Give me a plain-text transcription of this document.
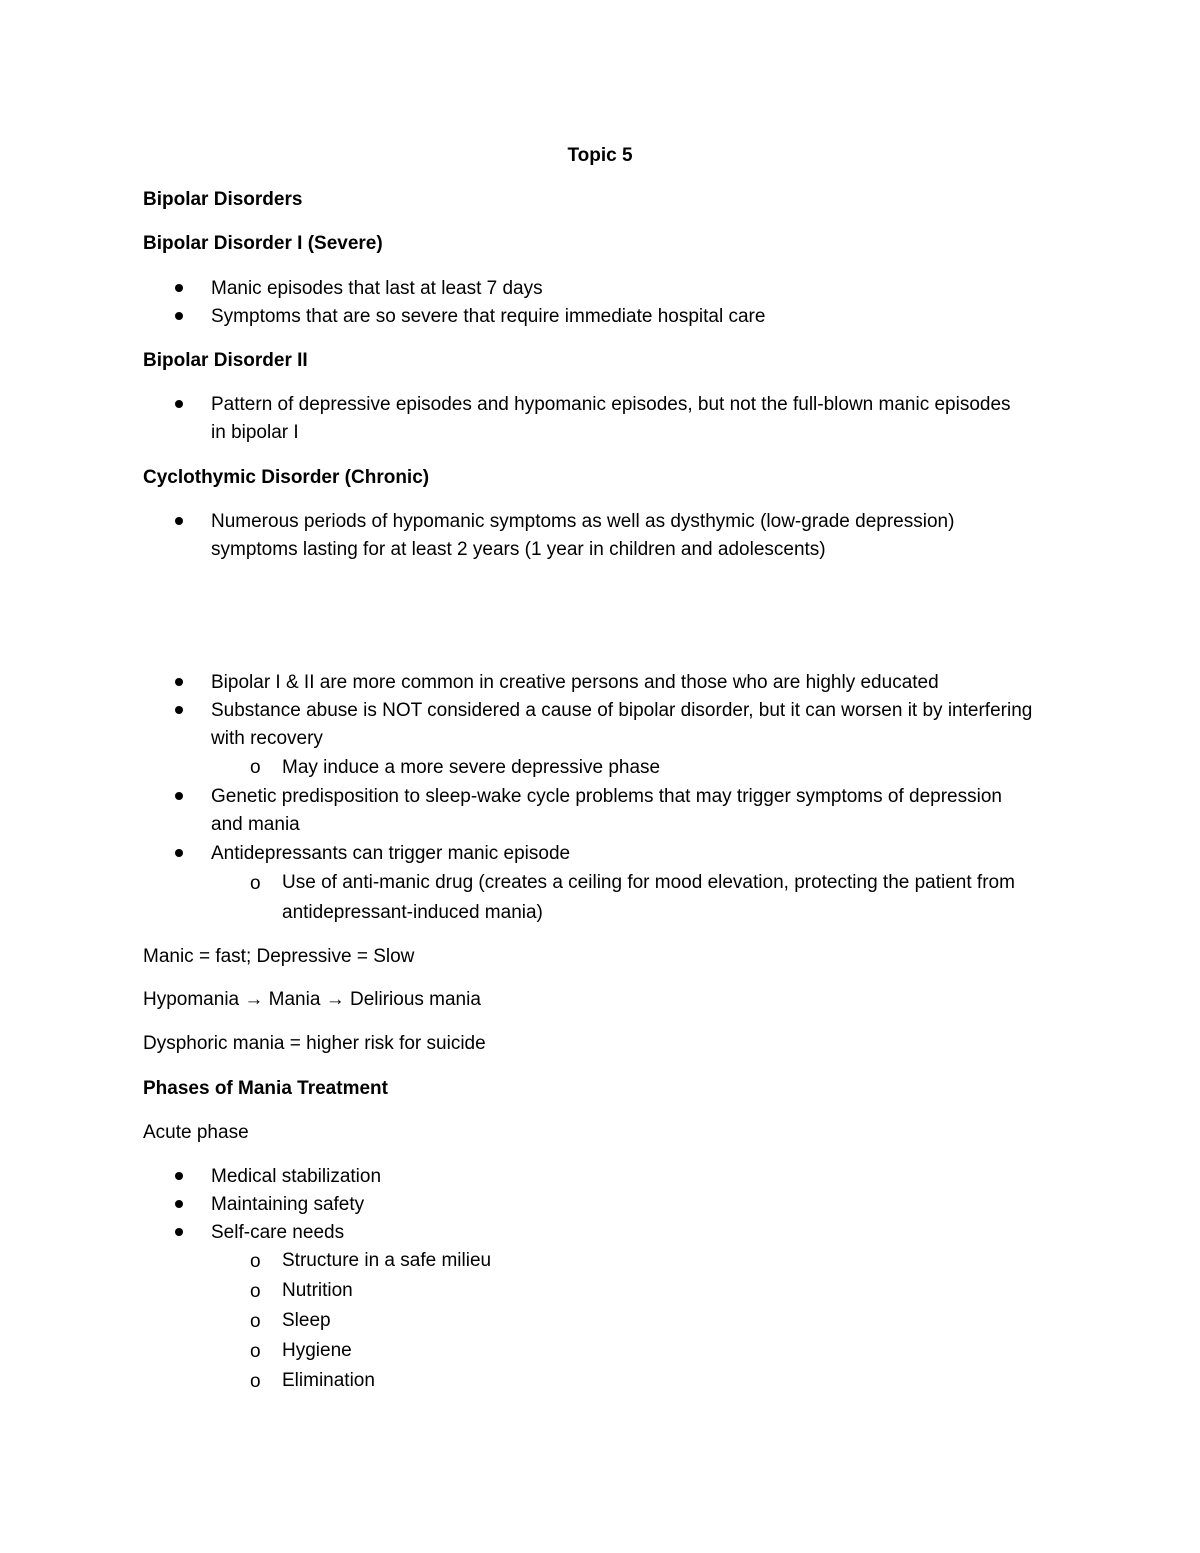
Topic 5
Bipolar Disorders
Bipolar Disorder I (Severe)
Manic episodes that last at least 7 days
Symptoms that are so severe that require immediate hospital care
Bipolar Disorder II
Pattern of depressive episodes and hypomanic episodes, but not the full-blown manic episodes
in bipolar I
Cyclothymic Disorder (Chronic)
Numerous periods of hypomanic symptoms as well as dysthymic (low-grade depression)
symptoms lasting for at least 2 years (1 year in children and adolescents)
Bipolar I & II are more common in creative persons and those who are highly educated
Substance abuse is NOT considered a cause of bipolar disorder, but it can worsen it by interfering
with recovery
o May induce a more severe depressive phase
Genetic predisposition to sleep-wake cycle problems that may trigger symptoms of depression
and mania
Antidepressants can trigger manic episode
o Use of anti-manic drug (creates a ceiling for mood elevation, protecting the patient from
antidepressant-induced mania)
Manic = fast; Depressive = Slow
Hypomania → Mania → Delirious mania
Dysphoric mania = higher risk for suicide
Phases of Mania Treatment
Acute phase
Medical stabilization
Maintaining safety
Self-care needs
o Structure in a safe milieu
o Nutrition
o Sleep
o Hygiene
o Elimination
